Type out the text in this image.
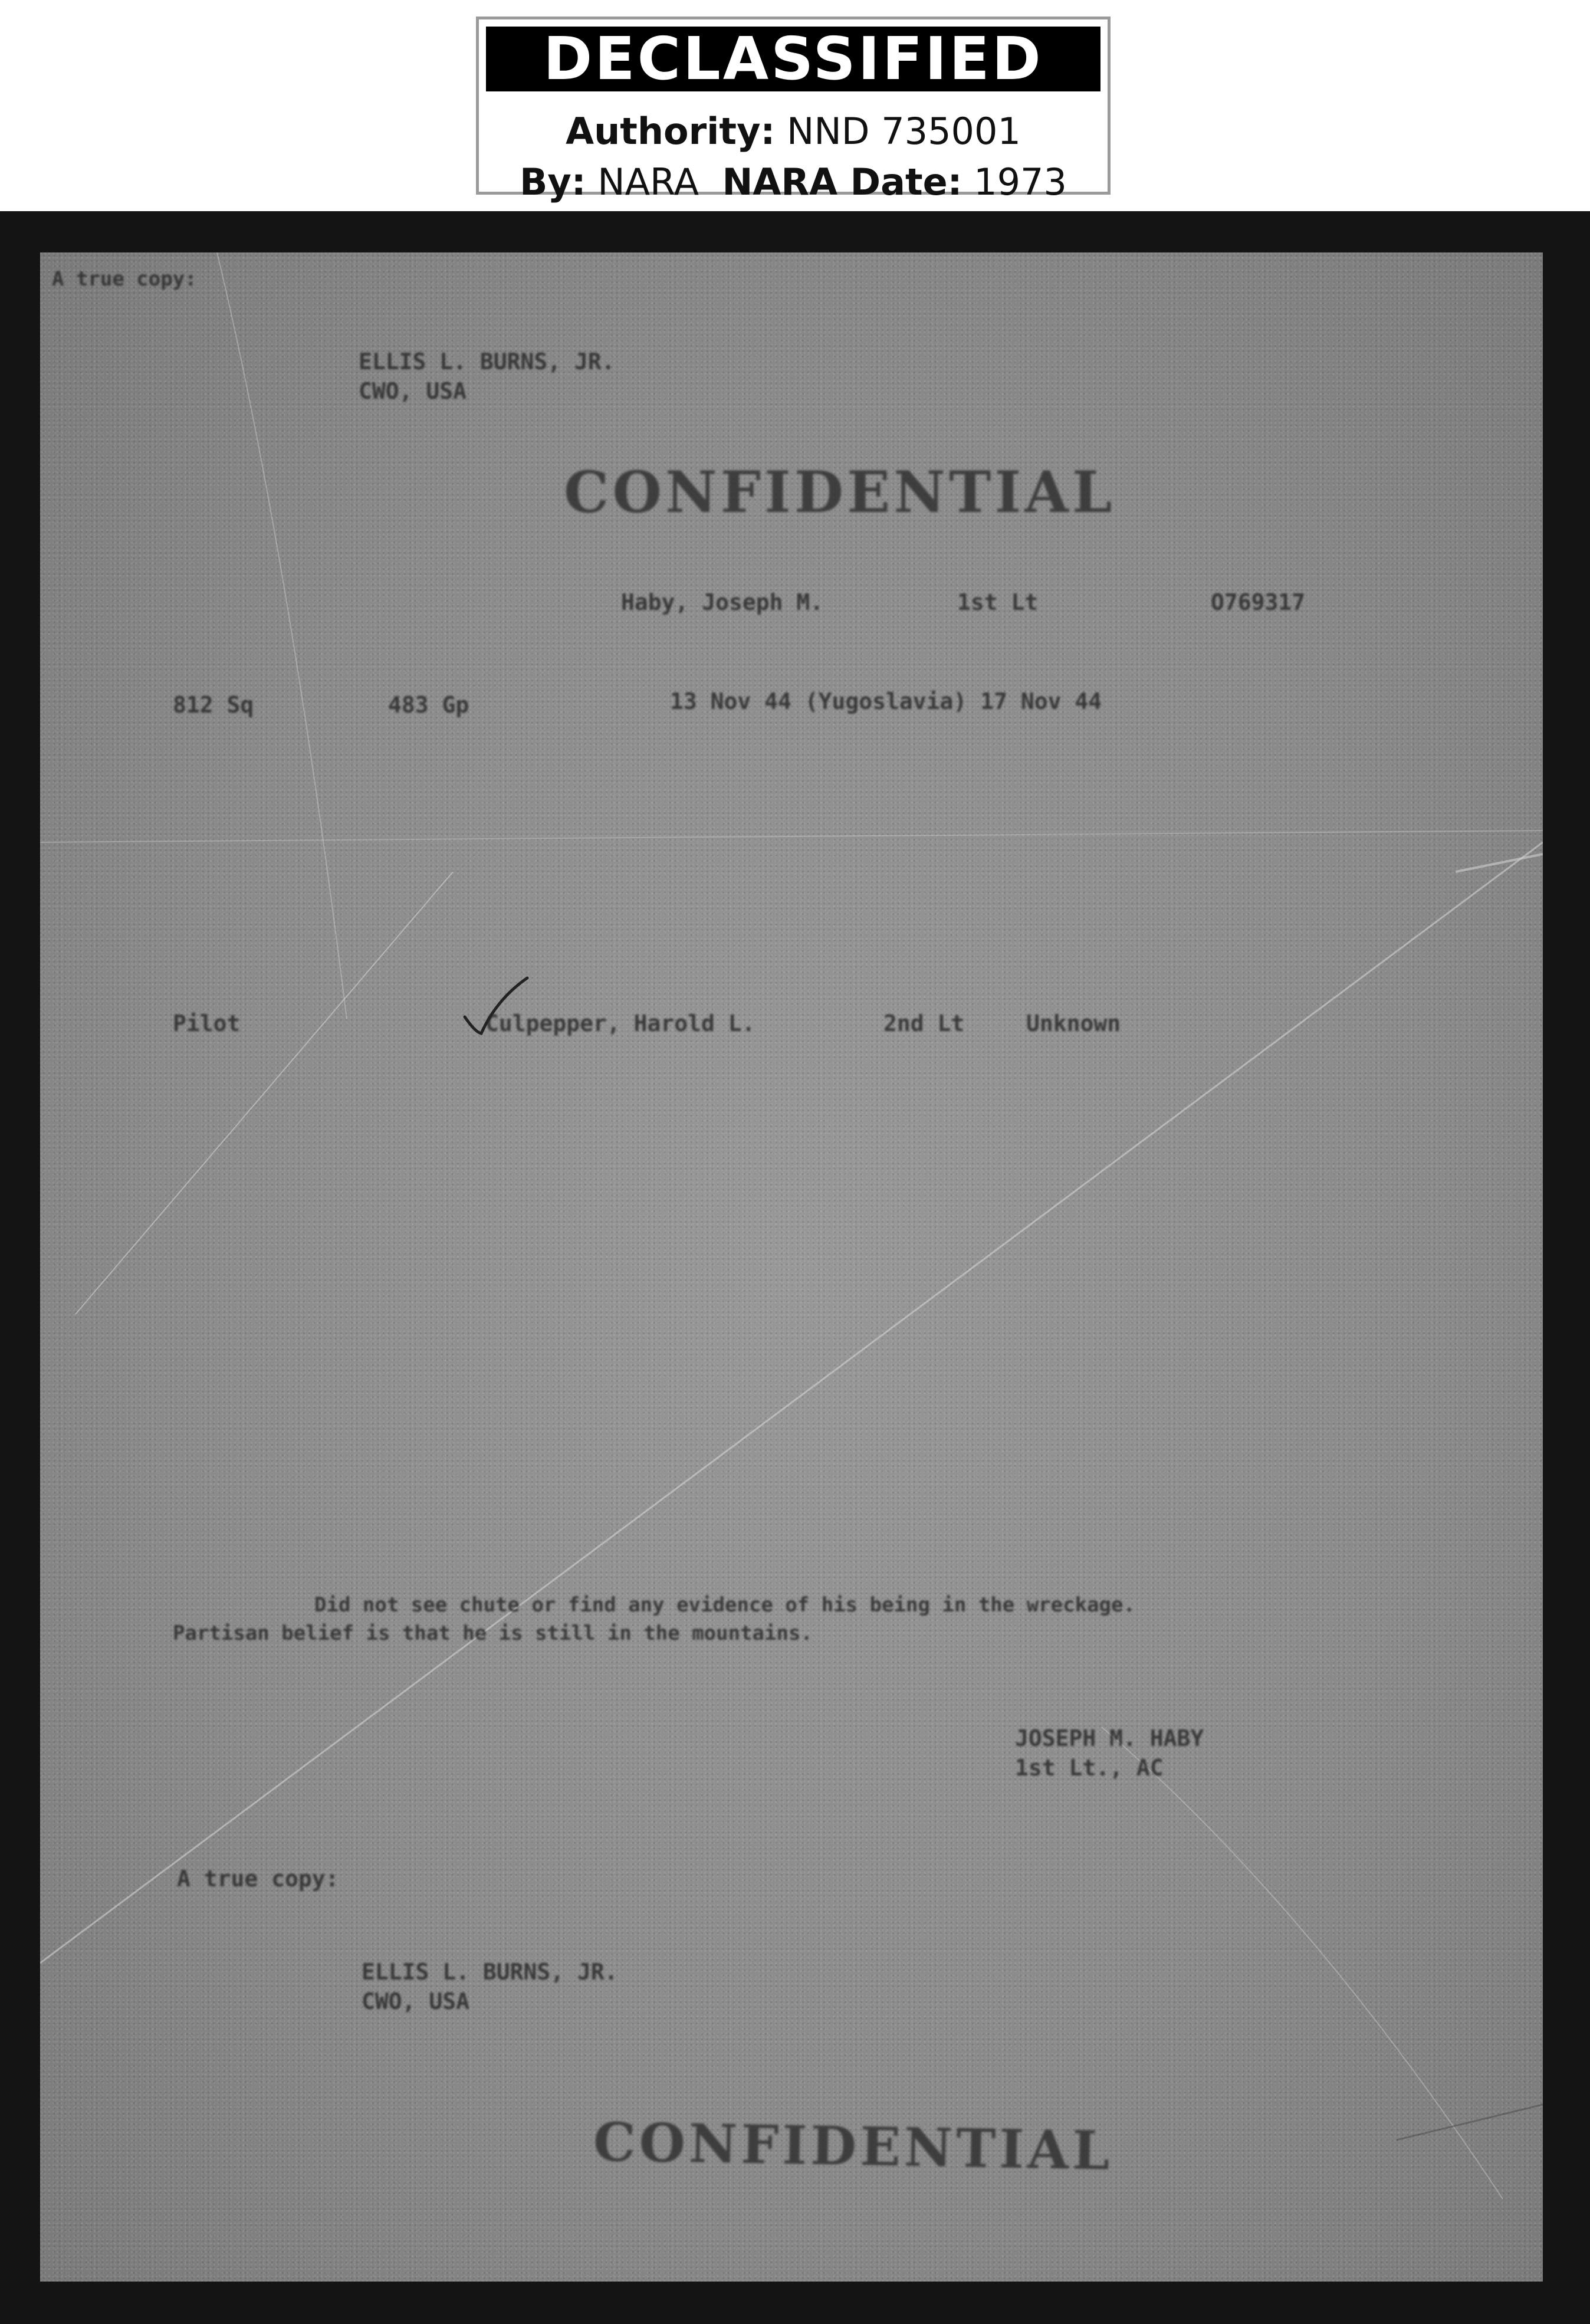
DECLASSIFIED
Authority: NND 735001
By: NARA NARA Date: 1973
A true copy:
ELLIS L. BURNS, JR.
CWO, USA
CONFIDENTIAL
Haby, Joseph M.	1st Lt	O769317
812 Sq	483 Gp	13 Nov 44 (Yugoslavia) 17 Nov 44
Pilot	Culpepper, Harold L.	2nd Lt	Unknown
Did not see chute or find any evidence of his being in the wreckage.
Partisan belief is that he is still in the mountains.
JOSEPH M. HABY
1st Lt., AC
A true copy:
ELLIS L. BURNS, JR.
CWO, USA
CONFIDENTIAL
